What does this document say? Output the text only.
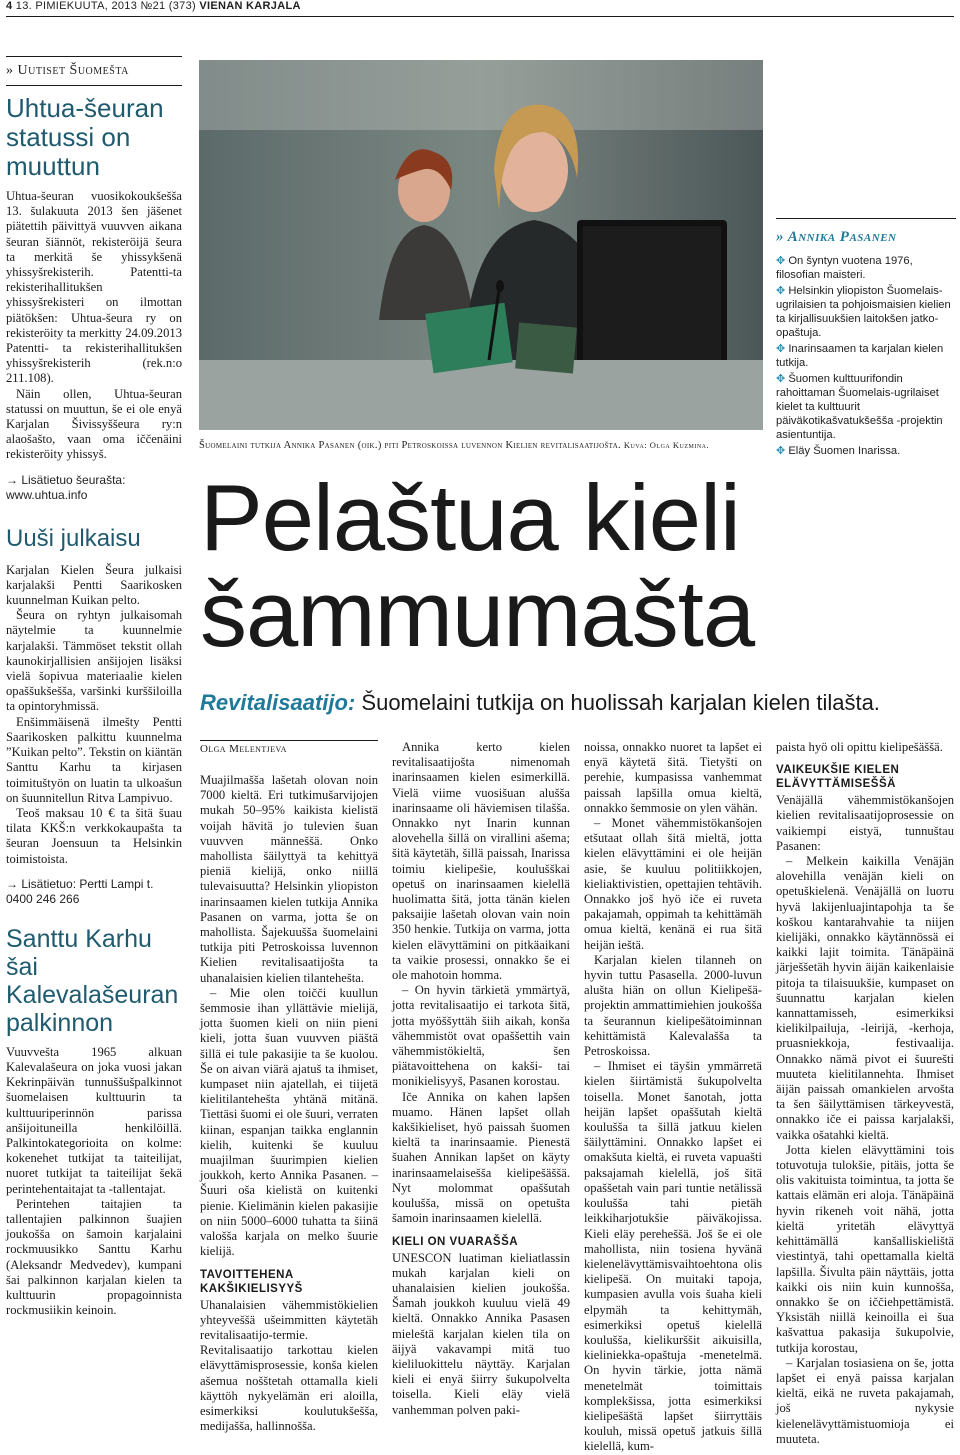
4 13. PIMIEKUUTA, 2013 №21 (373) VIENAN KARJALA
» Uutiset Šuomešta
Uhtua-šeuran statussi on muuttun

Uhtua-šeuran vuosikokoukšešša 13. šulakuuta 2013 šen jäšenet piätettih päivittyä vuuvven aikana šeuran šiännöt, rekisteröijä šeura ta merkitä še yhissykšenä yhissyšrekisterih. Patentti-ta rekisterihallitukšen yhissyšrekisteri on ilmottan piätökšen: Uhtua-šeura ry on rekisteröity ta merkitty 24.09.2013 Patentti- ta rekisterihallitukšen yhissyšrekisterih (rek.n:o 211.108).

Näin ollen, Uhtua-šeuran statussi on muuttun, še ei ole enyä Karjalan Šivissyššeura ry:n alaošašto, vaan oma iččenäini rekisteröity yhissyš.

→ Lisätietuo šeurašta: www.uhtua.info
Uuši julkaisu

Karjalan Kielen Šeura julkaisi karjalakši Pentti Saarikosken kuunnelman Kuikan pelto.

Šeura on ryhtyn julkaisomah näytelmie ta kuunnelmie karjalakši. Tämmöset tekstit ollah kaunokirjallisien anšijojen lisäksi vielä šopivua materiaalie kielen opaššukšešša, varšinki kurššiloilla ta opintoryhmissä.

Enšimmäisenä ilmešty Pentti Saarikosken palkittu kuunnelma ”Kuikan pelto”. Tekstin on kiäntän Santtu Karhu ta kirjasen toimituštyön on luatin ta ulkoašun on šuunnitellun Ritva Lampivuo.

Teoš maksau 10 € ta šitä šuau tilata KKŠ:n verkkokaupašta ta šeuran Joensuun ta Helsinkin toimistoista.

→ Lisätietuo: Pertti Lampi t. 0400 246 266
Santtu Karhu šai Kalevalašeuran palkinnon

Vuuvveštа 1965 alkuan Kalevalašeura on joka vuosi jakan Kekrinpäivän tunnuššušpalkinnot šuomelaisen kulttuurin ta kulttuuriperinnön parissa anšijoituneilla henkilöillä. Palkintokategorioita on kolme: kokenehet tutkijat ta taiteilijat, nuoret tutkijat ta taiteilijat šekä perintehentaitajat ta -tallentajat.

Perintehen taitajien ta tallentajien palkinnon šuajien joukošša on šamoin karjalaini rockmuusikko Santtu Karhu (Aleksandr Medvedev), kumpani šai palkinnon karjalan kielen ta kulttuurin propagoinnista rockmusiikin keinoin.

Šuomelaini tutkija Annika Pasanen (oik.) piti Petroskoissa luvennon Kielien revitalisaatijošta. Kuva: Olga Kuzmina.
» Annika Pasanen
✥ On šyntyn vuotena 1976, filosofian maisteri.
✥ Helsinkin yliopiston Šuomelais-ugrilaisien ta pohjoismaisien kielien ta kirjallisuukšien laitokšen jatko-opaštuja.
✥ Inarinsaamen ta karjalan kielen tutkija.
✥ Šuomen kulttuurifondin rahoittaman Šuomelais-ugrilaiset kielet ta kulttuurit päiväkotikašvatukšešša -projektin asientuntija.
✥ Eläy Šuomen Inarissa.
Pelaštua kieli
šammumašta
Revitalisaatijo: Šuomelaini tutkija on huolissah karjalan kielen tilašta.
Olga Melentjeva

Muajilmašša lašetah olovan noin 7000 kieltä. Eri tutkimušarvijojen mukah 50–95% kaikista kielistä voijah hävitä jo tulevien šuan vuuvven männeššä. Onko mahollista šäilyttyä ta kehittyä pieniä kielijä, onko niillä tulevaisuutta? Helsinkin yliopiston inarinsaamen kielen tutkija Annika Pasanen on varma, jotta še on mahollista. Šajekuušša šuomelaini tutkija piti Petroskoissa luvennon Kielien revitalisaatijošta ta uhanalaisien kielien tilantehešta.

– Mie olen toiččі kuullun šemmosie ihan yllättävie mielijä, jotta šuomen kieli on niin pieni kieli, jotta šuan vuuvven piäštä šillä ei tule pakasijie ta še kuolou. Še on aivan viärä ajatuš ta ihmiset, kumpaset niin ajatellah, ei tiijetä kielitilantehešta yhtänä mitänä. Tiettäsi šuomi ei ole šuuri, verraten kiinan, espanjan taikka englannin kielih, kuitenki še kuuluu muajilman šuurimpien kielien joukkoh, kerto Annika Pasanen. – Šuuri oša kielistä on kuitenki pienie. Kielimänin kielen pakasijie on niin 5000–6000 tuhatta ta šiinä valošša karjala on melko šuurie kielijä.

TAVOITTEHENA KAKŠIKIELISYYŠ

Uhanalaisien vähemmistökielien yhteyveššä ušeimmitten käytetäh revitalisaatijo-termie. Revitalisaatijo tarkottau kielen elävyttämisprosessie, konša kielen ašemua nošštetah ottamalla kieli käyttöh nykyelämän eri aloilla, esimerkiksi koulutukšešša, mediјašša, hallinnošša.

Annika kerto kielen revitalisaatijošta nimenomah inarinsaamen kielen esimerkillä. Vielä viime vuosišuan alušša inarinsaame oli häviemisen tilašša. Onnakko nyt Inarin kunnan alovehella šillä on virallini ašema; šitä käytetäh, šillä paissah, Inarissa toimiu kielipešie, koulušškai opetuš on inarinsaamen kielellä huolimatta šitä, jotta tänän kielen paksaijie lašetah olovan vain noin 350 henkie. Tutkija on varma, jotta kielen elävyttämini on pitkäaikani ta vaikie prosessi, onnakko še ei ole mahotoin homma.

– On hyvin tärkietä ymmärtyä, jotta revitalisaatijo ei tarkota šitä, jotta myöššyttäh šiih aikah, konša vähemmistöt ovat opaššettih vain vähemmistökieltä, šen piätavoittehena on kakši- tai monikielisyyš, Pasanen korostau.

Iče Annika on kahen lapšen muamo. Hänen lapšet ollah kakšikieliset, hyö paissah šuomen kieltä ta inarinsaamie. Pienestä šuahen Annikan lapšet on käyty inarinsaamelaisešša kielipešäššä. Nyt molommat opaššutah koulušša, missä on opetušta šamoin inarinsaamen kielellä.

KIELI ON VUARAŠŠA

UNESCON luatiman kieliatlassin mukah karjalan kieli on uhanalaisien kielien joukošša. Šamah joukkoh kuuluu vielä 49 kieltä. Onnakko Annika Pasasen mieleštä karjalan kielen tila on äijyä vakavampi mitä tuo kieliluokittelu näyttäy. Karjalan kieli ei enyä šiirry šukupolvelta toisella. Kieli eläy vielä vanhemman polven paki-

noissa, onnakko nuoret ta lapšet ei enyä käytetä šitä. Tietyšti on perehie, kumpasissa vanhemmat paissah lapšilla omua kieltä, onnakko šemmosie on ylen vähän.

– Monet vähemmistökanšojen etšutaat ollah šitä mieltä, jotta kielen elävyttämini ei ole heijän asie, še kuuluu politiikkojen, kieliaktivistien, opettajien tehtävih. Onnakko još hyö iče ei ruveta pakajamah, oppimah ta kehittämäh omua kieltä, kenänä ei rua šitä heijän ieštä.

Karjalan kielen tilanneh on hyvin tuttu Pasasella. 2000-luvun alušta hiän on ollun Kielipešä-projektin ammattimiehien joukošša ta šeurannun kielipešätoiminnan kehittämistä Kalevalašša ta Petroskoissa.

– Ihmiset ei täyšin ymmärretä kielen šiirtämistä šukupolvelta toisella. Monet šanotah, jotta heijän lapšet opaššutah kieltä koulušša ta šillä jatkuu kielen šäilyttämini. Onnakko lapšet ei omakšuta kieltä, ei ruveta vapuašti paksajamah kielellä, još šitä opaššetah vain pari tuntie netälissä koulušša tahi pietäh leikkiharjotukšie päiväkojissa. Kieli eläy pereheššä. Još še ei ole mahollista, niin tosiena hyvänä kielenelävyttämisvaihtoehtona olis kielipešä. On muitaki tapoja, kumpasien avulla vois šuaha kieli elpymäh ta kehittymäh, esimerkiksi opetuš kielellä koulušša, kielikurššit aikuisilla, kieliniekka-opaštuja -menetelmä. On hyvin tärkie, jotta nämä menetelmät toimittais komplekšissa, jotta esimerkiksi kielipešäštä lapšet šiirryttäis kouluh, missä opetuš jatkuis šillä kielellä, kum-

paista hyö oli opittu kielipešäššä.

VAIKEUKŠIE KIELEN ELÄVYTTÄMISEŠŠÄ

Venäjällä vähemmistökanšojen kielien revitalisaatijoprosessie on vaikiempi eistyä, tunnuštau Pasanen:

– Melkein kaikilla Venäjän alovehilla venäjän kieli on opetuškielenä. Venäjällä on luoтu hyvä lakijenluajintapohja ta še koškou kantarahvahie ta niijen kielijäki, onnakko käytännössä ei kaikki lajit toimita. Tänäpäinä järješšetäh hyvin äijän kaikenlaisie pitoja ta tilaisuukšie, kumpaset on šuunnattu karjalan kielen kannattamisseh, esimerkiksi kielikilpailuja, -leirijä, -kerhoja, pruasniekkoja, festivaalija. Onnakko nämä pivot ei šuurešti muutetа kielitilannehta. Ihmiset äijän paissah omankielen arvošta ta šen šäilyttämisen tärkeyvestä, onnakko iče ei paissa karjalakši, vaikka ošatahki kieltä.

Jotta kielen elävyttämini tois totuvotuja tulokšie, pitäis, jotta še olis vakituista toimintua, ta jotta še kattais elämän eri aloja. Tänäpäinä hyvin rikeneh voit nähä, jotta kieltä yritetäh elävyttyä kehittämällä kanšalliskielištä viestintyä, tahi opettamalla kieltä lapšilla. Šivulta päin näyttäis, jotta kaikki ois niin kuin kunnošša, onnakko še on iččiehpettämistä. Yksistäh niillä keinoilla ei šua kašvattua pakasija šukupolvie, tutkija korostau,

– Karjalan tosiasiena on še, jotta lapšet ei enyä paissa karjalan kieltä, eikä ne ruveta pakajamah, još nykysie kielenelävyttämistuomioja ei muuteta.
